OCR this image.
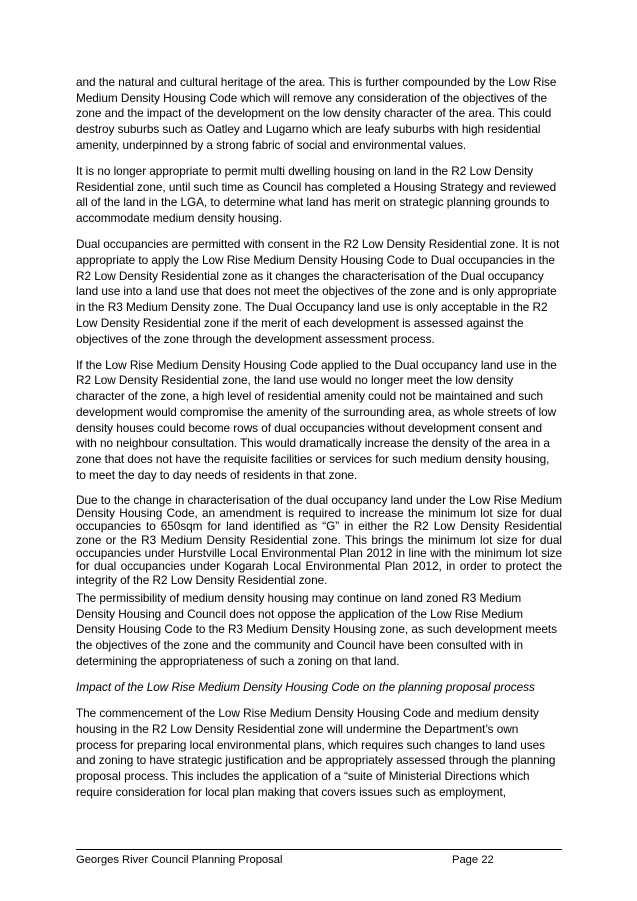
and the natural and cultural heritage of the area. This is further compounded by the Low Rise Medium Density Housing Code which will remove any consideration of the objectives of the zone and the impact of the development on the low density character of the area. This could destroy suburbs such as Oatley and Lugarno which are leafy suburbs with high residential amenity, underpinned by a strong fabric of social and environmental values.

It is no longer appropriate to permit multi dwelling housing on land in the R2 Low Density Residential zone, until such time as Council has completed a Housing Strategy and reviewed all of the land in the LGA, to determine what land has merit on strategic planning grounds to accommodate medium density housing.

Dual occupancies are permitted with consent in the R2 Low Density Residential zone. It is not appropriate to apply the Low Rise Medium Density Housing Code to Dual occupancies in the R2 Low Density Residential zone as it changes the characterisation of the Dual occupancy land use into a land use that does not meet the objectives of the zone and is only appropriate in the R3 Medium Density zone. The Dual Occupancy land use is only acceptable in the R2 Low Density Residential zone if the merit of each development is assessed against the objectives of the zone through the development assessment process.

If the Low Rise Medium Density Housing Code applied to the Dual occupancy land use in the R2 Low Density Residential zone, the land use would no longer meet the low density character of the zone, a high level of residential amenity could not be maintained and such development would compromise the amenity of the surrounding area, as whole streets of low density houses could become rows of dual occupancies without development consent and with no neighbour consultation. This would dramatically increase the density of the area in a zone that does not have the requisite facilities or services for such medium density housing, to meet the day to day needs of residents in that zone.

Due to the change in characterisation of the dual occupancy land under the Low Rise Medium Density Housing Code, an amendment is required to increase the minimum lot size for dual occupancies to 650sqm for land identified as “G” in either the R2 Low Density Residential zone or the R3 Medium Density Residential zone. This brings the minimum lot size for dual occupancies under Hurstville Local Environmental Plan 2012 in line with the minimum lot size for dual occupancies under Kogarah Local Environmental Plan 2012, in order to protect the integrity of the R2 Low Density Residential zone.

The permissibility of medium density housing may continue on land zoned R3 Medium Density Housing and Council does not oppose the application of the Low Rise Medium Density Housing Code to the R3 Medium Density Housing zone, as such development meets the objectives of the zone and the community and Council have been consulted with in determining the appropriateness of such a zoning on that land.

Impact of the Low Rise Medium Density Housing Code on the planning proposal process

The commencement of the Low Rise Medium Density Housing Code and medium density housing in the R2 Low Density Residential zone will undermine the Department’s own process for preparing local environmental plans, which requires such changes to land uses and zoning to have strategic justification and be appropriately assessed through the planning proposal process. This includes the application of a “suite of Ministerial Directions which require consideration for local plan making that covers issues such as employment,

Georges River Council Planning Proposal	Page 22
